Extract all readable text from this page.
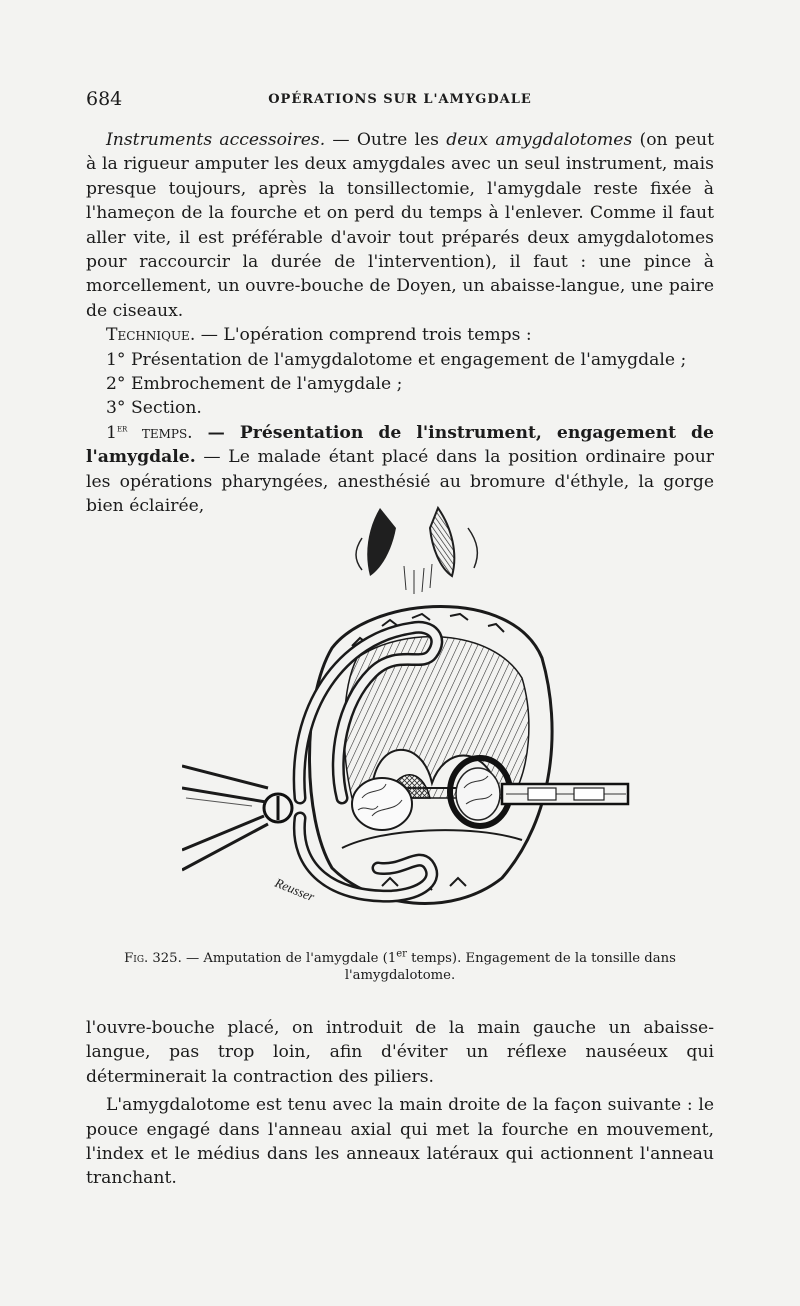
684	OPÉRATIONS SUR L'AMYGDALE

Instruments accessoires. — Outre les deux amygdalotomes (on peut à la rigueur amputer les deux amygdales avec un seul instrument, mais presque toujours, après la tonsillectomie, l'amygdale reste fixée à l'hameçon de la fourche et on perd du temps à l'enlever. Comme il faut aller vite, il est préférable d'avoir tout préparés deux amygdalotomes pour raccourcir la durée de l'intervention), il faut : une pince à morcellement, un ouvre-bouche de Doyen, un abaisse-langue, une paire de ciseaux.

Technique. — L'opération comprend trois temps :

1° Présentation de l'amygdalotome et engagement de l'amygdale ;

2° Embrochement de l'amygdale ;

3° Section.

1er temps. — Présentation de l'instrument, engagement de l'amygdale. — Le malade étant placé dans la position ordinaire pour les opérations pharyngées, anesthésié au bromure d'éthyle, la gorge bien éclairée,

Reusser
Fig. 325. — Amputation de l'amygdale (1er temps). Engagement de la tonsille dans l'amygdalotome.

l'ouvre-bouche placé, on introduit de la main gauche un abaisse-langue, pas trop loin, afin d'éviter un réflexe nauséeux qui déterminerait la contraction des piliers.

L'amygdalotome est tenu avec la main droite de la façon suivante : le pouce engagé dans l'anneau axial qui met la fourche en mouvement, l'index et le médius dans les anneaux latéraux qui actionnent l'anneau tranchant.
